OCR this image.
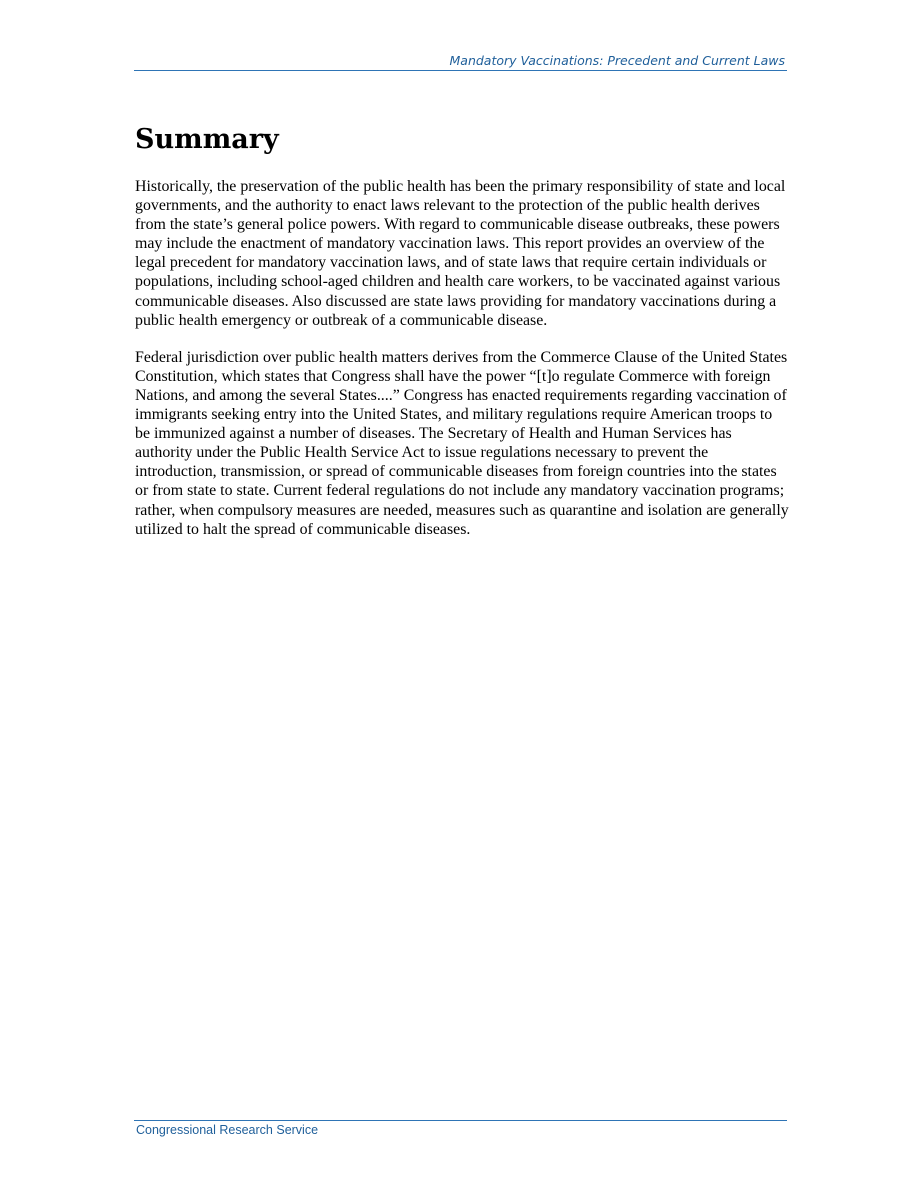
Mandatory Vaccinations: Precedent and Current Laws
Summary

Historically, the preservation of the public health has been the primary responsibility of state and local governments, and the authority to enact laws relevant to the protection of the public health derives from the state’s general police powers. With regard to communicable disease outbreaks, these powers may include the enactment of mandatory vaccination laws. This report provides an overview of the legal precedent for mandatory vaccination laws, and of state laws that require certain individuals or populations, including school-aged children and health care workers, to be vaccinated against various communicable diseases. Also discussed are state laws providing for mandatory vaccinations during a public health emergency or outbreak of a communicable disease.

Federal jurisdiction over public health matters derives from the Commerce Clause of the United States Constitution, which states that Congress shall have the power “[t]o regulate Commerce with foreign Nations, and among the several States....” Congress has enacted requirements regarding vaccination of immigrants seeking entry into the United States, and military regulations require American troops to be immunized against a number of diseases. The Secretary of Health and Human Services has authority under the Public Health Service Act to issue regulations necessary to prevent the introduction, transmission, or spread of communicable diseases from foreign countries into the states or from state to state. Current federal regulations do not include any mandatory vaccination programs; rather, when compulsory measures are needed, measures such as quarantine and isolation are generally utilized to halt the spread of communicable diseases.

Congressional Research Service
